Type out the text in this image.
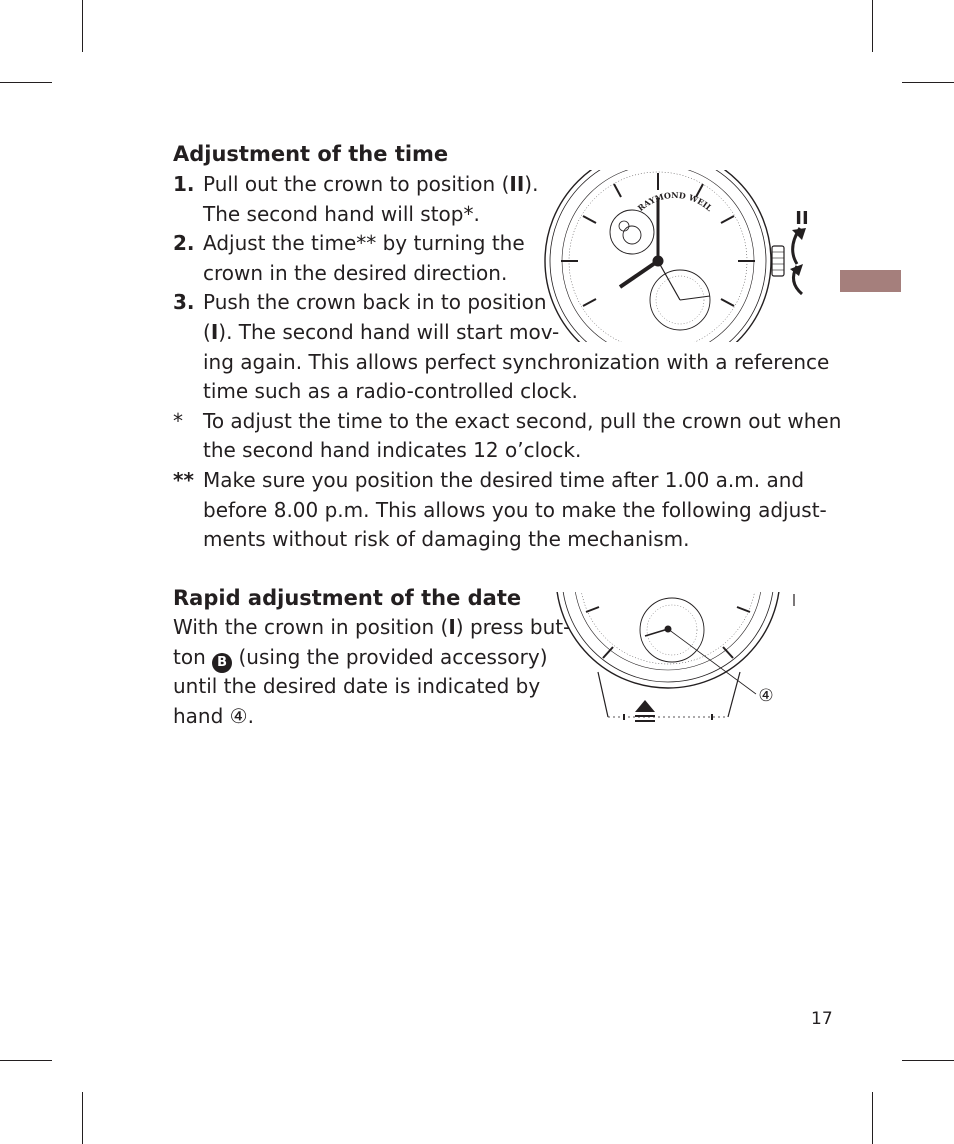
Adjustment of the time
1. Pull out the crown to position (II).
The second hand will stop*.
2. Adjust the time** by turning the
crown in the desired direction.
3. Push the crown back in to position
(I). The second hand will start mov-
ing again. This allows perfect synchronization with a reference
time such as a radio-controlled clock.
* To adjust the time to the exact second, pull the crown out when
the second hand indicates 12 o’clock.
** Make sure you position the desired time after 1.00 a.m. and
before 8.00 p.m. This allows you to make the following adjust-
ments without risk of damaging the mechanism.
RAYMOND WEIL
II
Rapid adjustment of the date
With the crown in position (I) press but-
ton B (using the provided accessory)
until the desired date is indicated by
hand ④.
④
17
